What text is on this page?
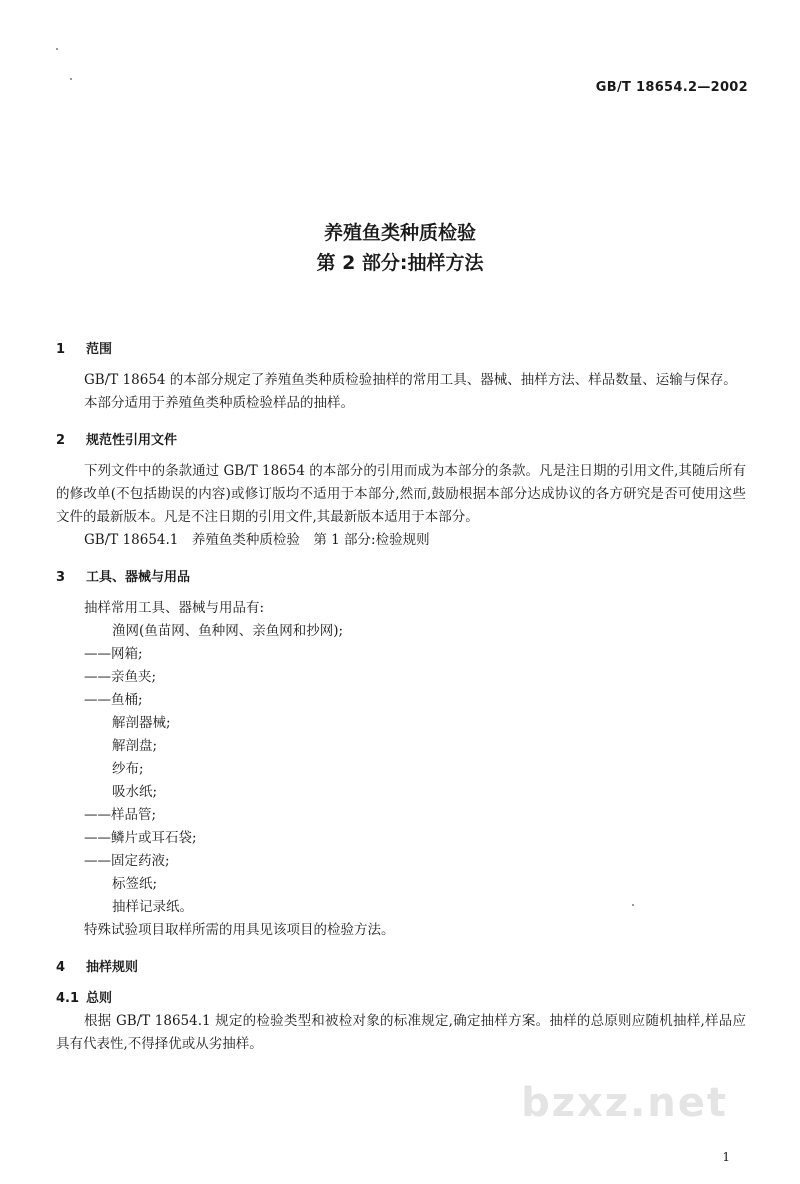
GB/T 18654.2—2002

养殖鱼类种质检验

第 2 部分:抽样方法

1 范围

GB/T 18654 的本部分规定了养殖鱼类种质检验抽样的常用工具、器械、抽样方法、样品数量、运输与保存。

本部分适用于养殖鱼类种质检验样品的抽样。

2 规范性引用文件

下列文件中的条款通过 GB/T 18654 的本部分的引用而成为本部分的条款。凡是注日期的引用文件,其随后所有的修改单(不包括勘误的内容)或修订版均不适用于本部分,然而,鼓励根据本部分达成协议的各方研究是否可使用这些文件的最新版本。凡是不注日期的引用文件,其最新版本适用于本部分。

GB/T 18654.1　养殖鱼类种质检验　第 1 部分:检验规则

3 工具、器械与用品

抽样常用工具、器械与用品有:

渔网(鱼苗网、鱼种网、亲鱼网和抄网);

——网箱;

——亲鱼夹;

——鱼桶;

解剖器械;

解剖盘;

纱布;

吸水纸;

——样品管;

——鳞片或耳石袋;

——固定药液;

标签纸;

抽样记录纸。

特殊试验项目取样所需的用具见该项目的检验方法。

4 抽样规则
4.1 总则

根据 GB/T 18654.1 规定的检验类型和被检对象的标准规定,确定抽样方案。抽样的总原则应随机抽样,样品应具有代表性,不得择优或从劣抽样。

bzxz.net
1
